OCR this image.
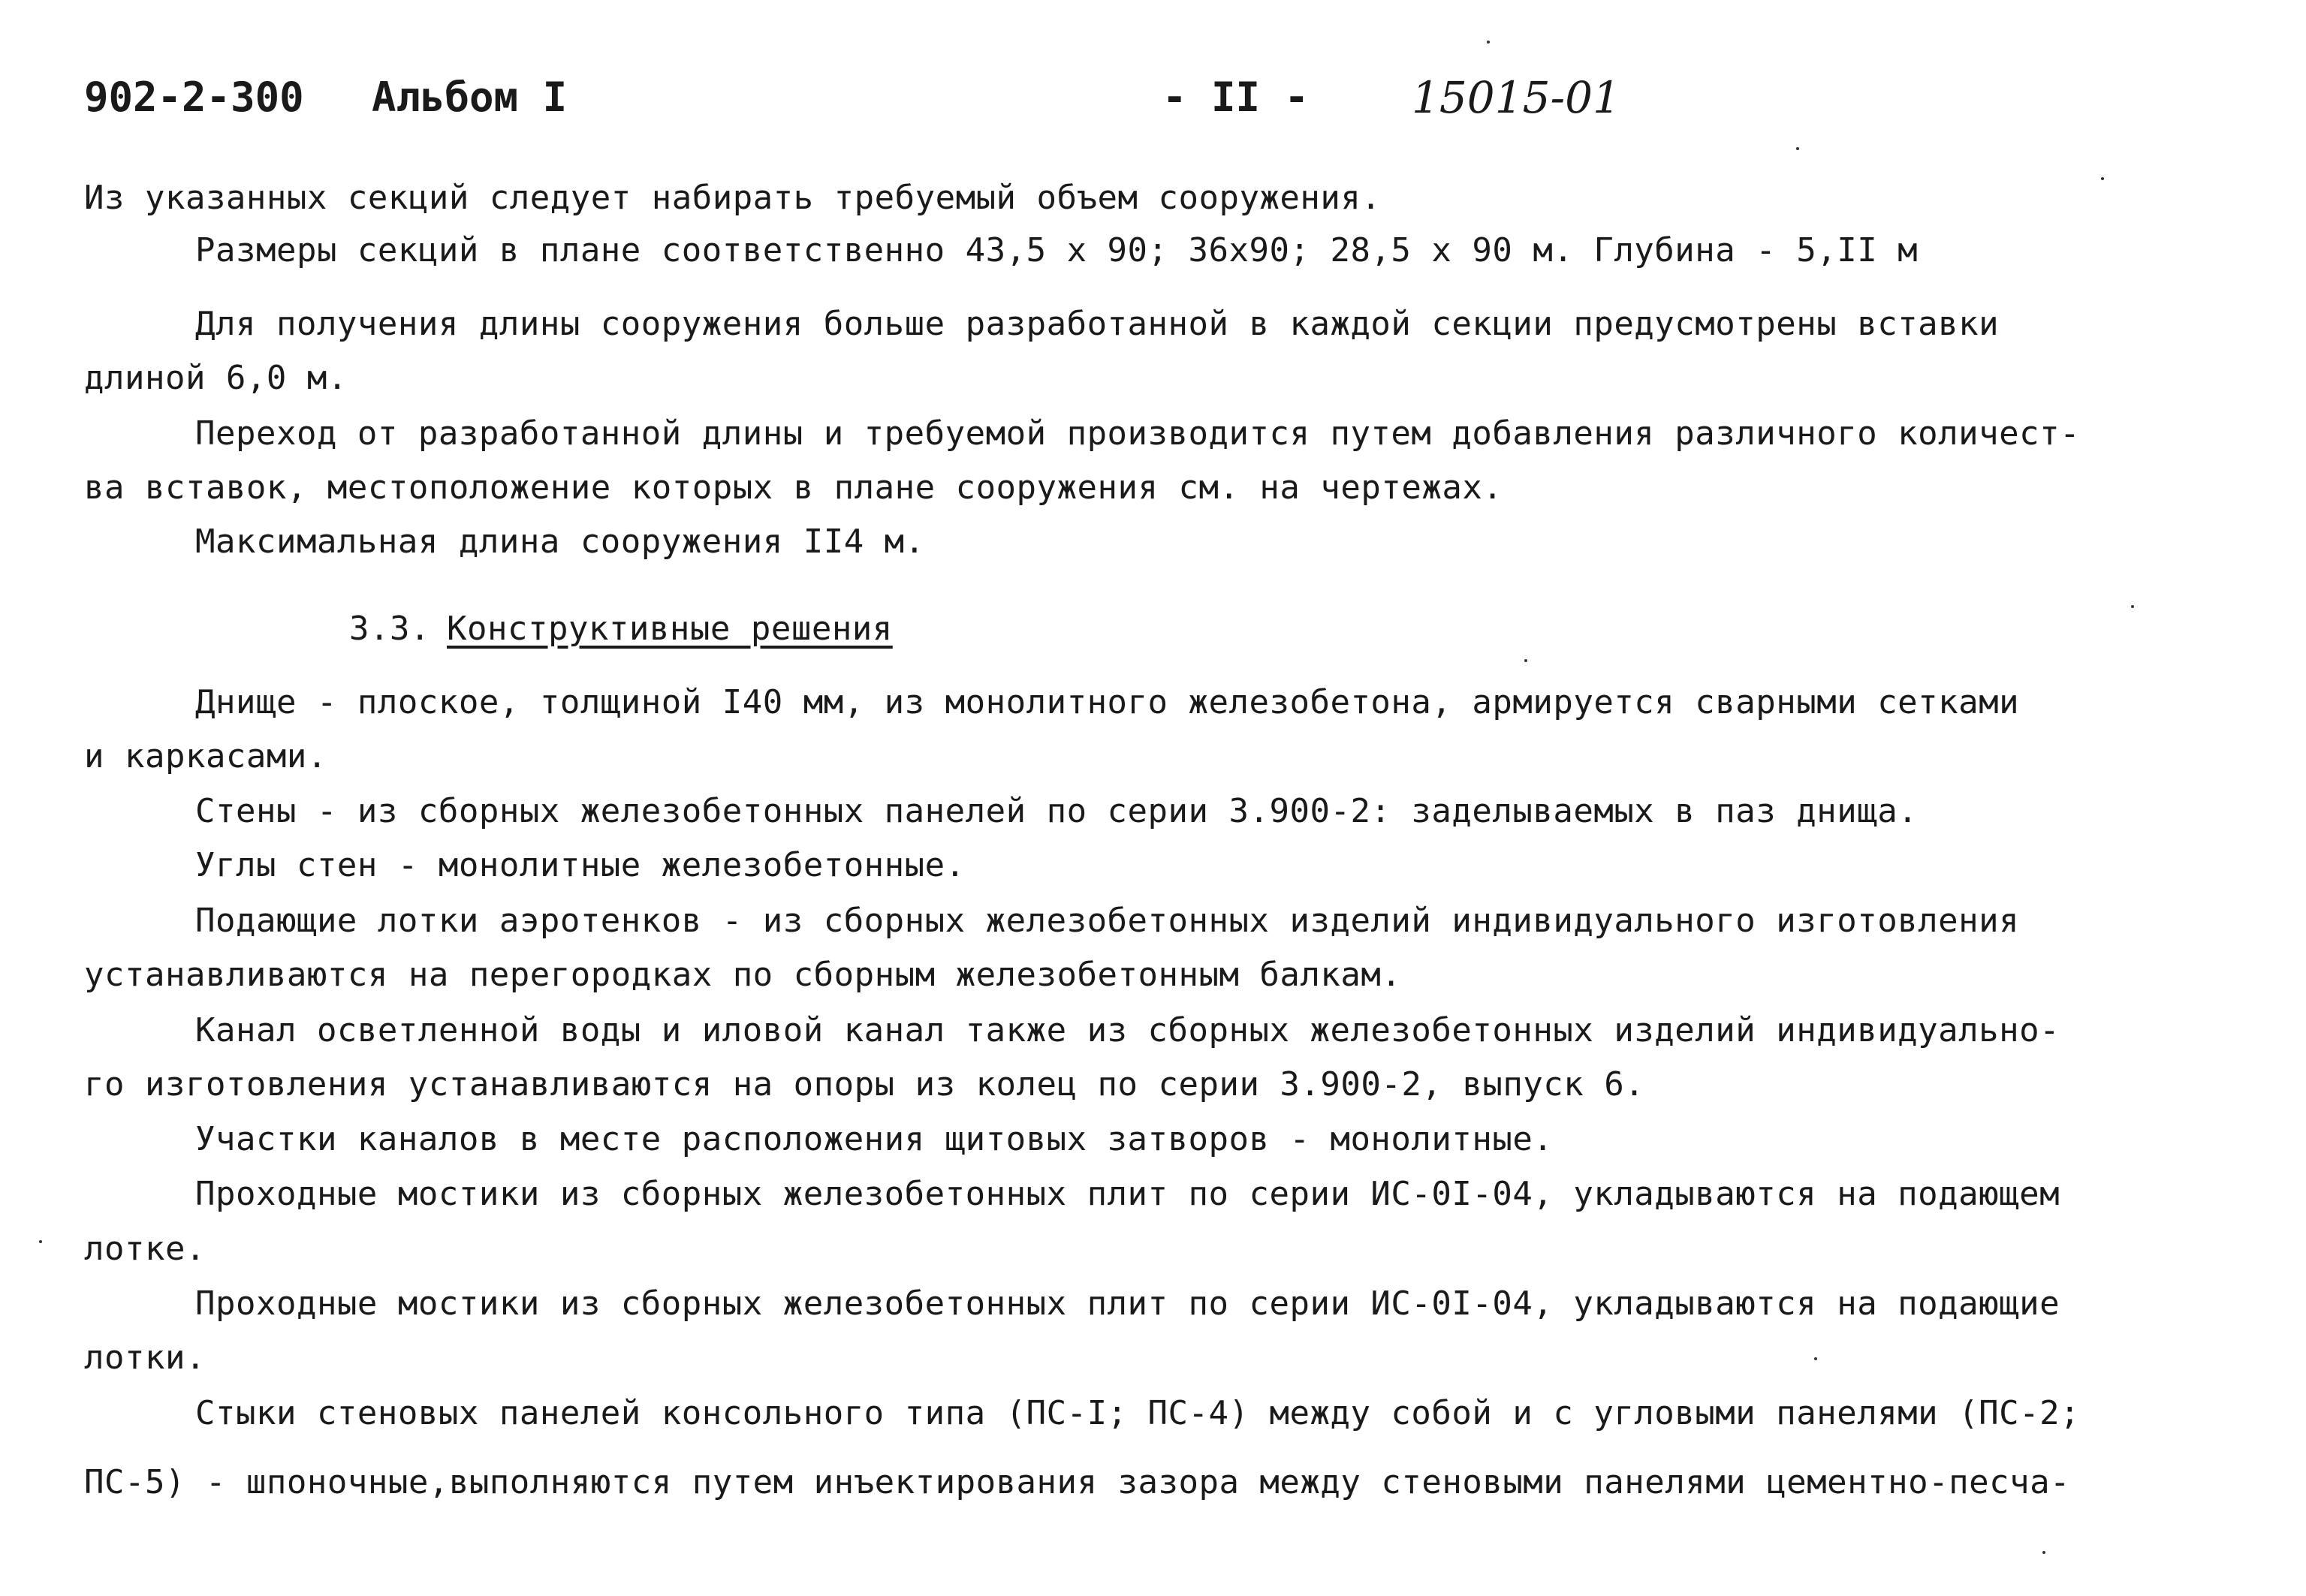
902-2-300 Альбом I	- II - 15015-01
Из указанных секций следует набирать требуемый объем сооружения.
Размеры секций в плане соответственно 43,5 х 90; 36х90; 28,5 х 90 м. Глубина - 5,II м
Для получения длины сооружения больше разработанной в каждой секции предусмотрены вставки
длиной 6,0 м.
Переход от разработанной длины и требуемой производится путем добавления различного количест-
ва вставок, местоположение которых в плане сооружения см. на чертежах.
Максимальная длина сооружения II4 м.
3.3. Конструктивные решения
Днище - плоское, толщиной I40 мм, из монолитного железобетона, армируется сварными сетками
и каркасами.
Стены - из сборных железобетонных панелей по серии 3.900-2: заделываемых в паз днища.
Углы стен - монолитные железобетонные.
Подающие лотки аэротенков - из сборных железобетонных изделий индивидуального изготовления
устанавливаются на перегородках по сборным железобетонным балкам.
Канал осветленной воды и иловой канал также из сборных железобетонных изделий индивидуально-
го изготовления устанавливаются на опоры из колец по серии 3.900-2, выпуск 6.
Участки каналов в месте расположения щитовых затворов - монолитные.
Проходные мостики из сборных железобетонных плит по серии ИС-0I-04, укладываются на подающем
лотке.
Проходные мостики из сборных железобетонных плит по серии ИС-0I-04, укладываются на подающие
лотки.
Стыки стеновых панелей консольного типа (ПС-I; ПС-4) между собой и с угловыми панелями (ПС-2;
ПС-5) - шпоночные,выполняются путем инъектирования зазора между стеновыми панелями цементно-песча-
